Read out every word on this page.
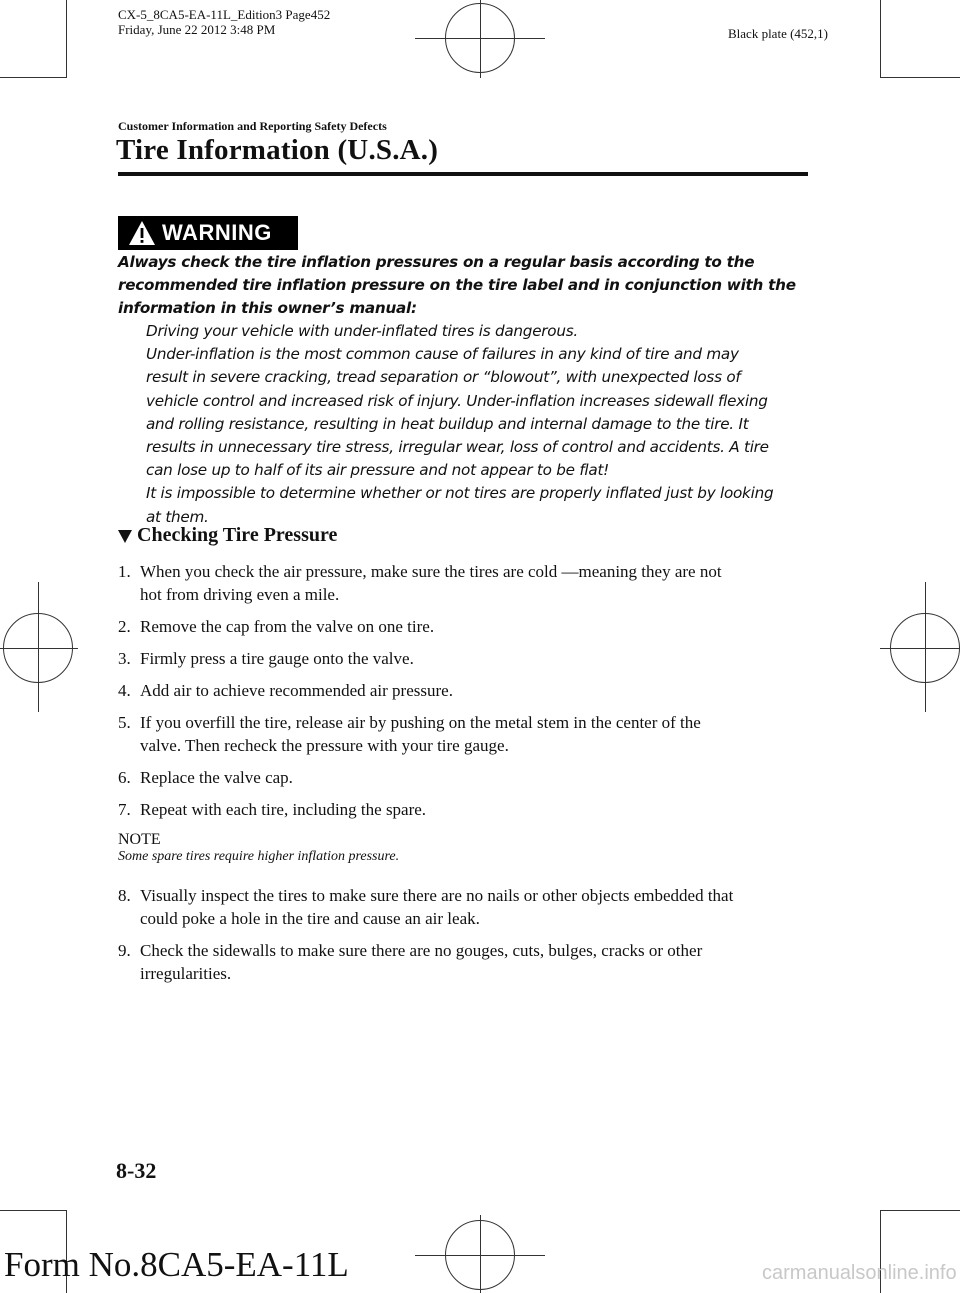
CX-5_8CA5-EA-11L_Edition3 Page452
Friday, June 22 2012 3:48 PM	Black plate (452,1)
Customer Information and Reporting Safety Defects
Tire Information (U.S.A.)
WARNING
Always check the tire inflation pressures on a regular basis according to the
recommended tire inflation pressure on the tire label and in conjunction with the
information in this owner’s manual:

Driving your vehicle with under-inflated tires is dangerous.

Under-inflation is the most common cause of failures in any kind of tire and may
result in severe cracking, tread separation or “blowout”, with unexpected loss of
vehicle control and increased risk of injury. Under-inflation increases sidewall flexing
and rolling resistance, resulting in heat buildup and internal damage to the tire. It
results in unnecessary tire stress, irregular wear, loss of control and accidents. A tire
can lose up to half of its air pressure and not appear to be flat!

It is impossible to determine whether or not tires are properly inflated just by looking
at them.

Checking Tire Pressure
1. When you check the air pressure, make sure the tires are cold ―meaning they are not
hot from driving even a mile.
2. Remove the cap from the valve on one tire.
3. Firmly press a tire gauge onto the valve.
4. Add air to achieve recommended air pressure.
5. If you overfill the tire, release air by pushing on the metal stem in the center of the
valve. Then recheck the pressure with your tire gauge.
6. Replace the valve cap.
7. Repeat with each tire, including the spare.
NOTE
Some spare tires require higher inflation pressure.
8. Visually inspect the tires to make sure there are no nails or other objects embedded that
could poke a hole in the tire and cause an air leak.
9. Check the sidewalls to make sure there are no gouges, cuts, bulges, cracks or other
irregularities.
8-32
Form No.8CA5-EA-11L	carmanualsonline.info
